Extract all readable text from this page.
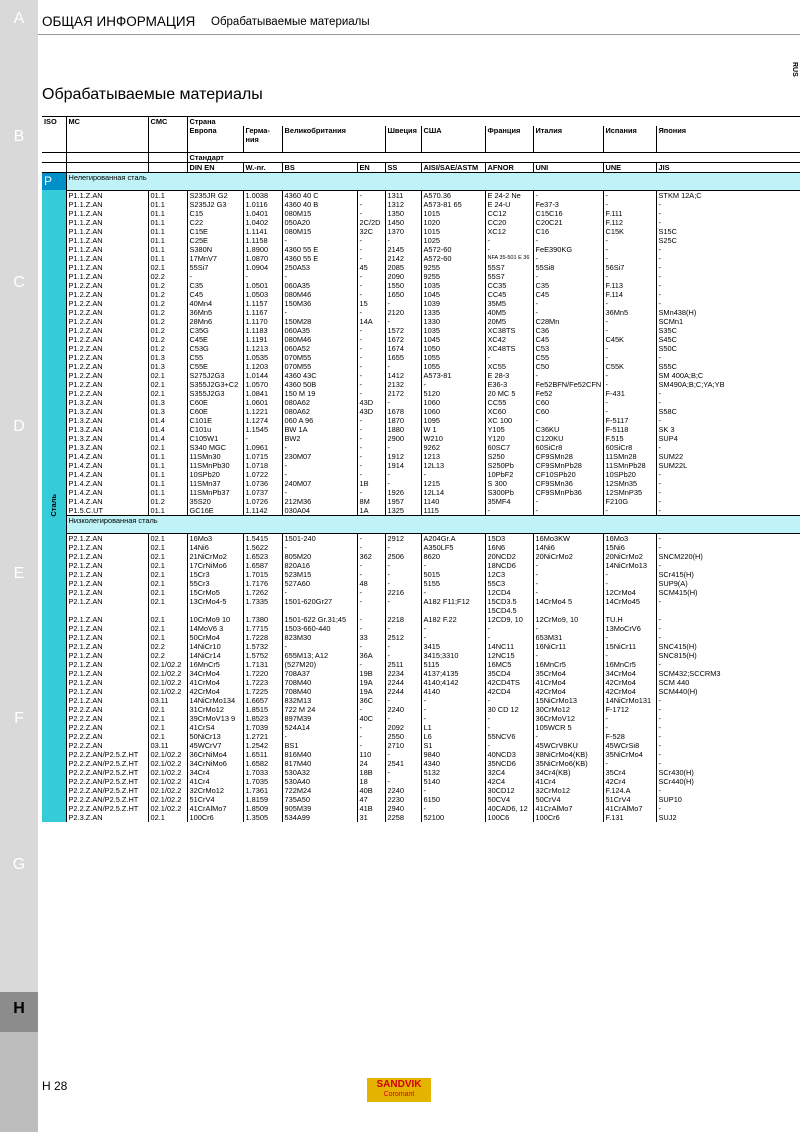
A
B
C
D
E
F
G
H
ОБЩАЯ ИНФОРМАЦИЯ Обрабатываемые материалы
RUS
Обрабатываемые материалы
ISO	MC	CMC	Страна									
			Европа	Герма- ния	Великобритания		Швеция	США	Франция	Италия	Испания	Япония
			Стандарт									
			DIN EN	W.-nr.	BS	EN	SS	AISI/SAE/ASTM	AFNOR	UNI	UNE	JIS
P	Нелегированная сталь											

Сталь	P1.1.Z.AN	01.1	S235JR G2	1.0038	4360 40 C	-	1311	A570.36	E 24-2 Ne	-	-	STKM 12A;C
	P1.1.Z.AN	01.1	S235J2 G3	1.0116	4360 40 B	-	1312	A573-81 65	E 24-U	Fe37-3	-	-
	P1.1.Z.AN	01.1	C15	1.0401	080M15	-	1350	1015	CC12	C15C16	F.111	-
	P1.1.Z.AN	01.1	C22	1.0402	050A20	2C/2D	1450	1020	CC20	C20C21	F.112	-
	P1.1.Z.AN	01.1	C15E	1.1141	080M15	32C	1370	1015	XC12	C16	C15K	S15C
	P1.1.Z.AN	01.1	C25E	1.1158	-	-	-	1025	-	-	-	S25C
	P1.1.Z.AN	01.1	S380N	1.8900	4360 55 E	-	2145	A572-60	-	FeE390KG	-	-
	P1.1.Z.AN	01.1	17MnV7	1.0870	4360 55 E	-	2142	A572-60	NFA 35-501 E 36	-	-	-
	P1.1.Z.AN	02.1	55Si7	1.0904	250A53	45	2085	9255	55S7	55Si8	56Si7	-
	P1.1.Z.AN	02.2	-	-	-	-	2090	9255	55S7	-	-	-
	P1.2.Z.AN	01.2	C35	1.0501	060A35	-	1550	1035	CC35	C35	F.113	-
	P1.2.Z.AN	01.2	C45	1.0503	080M46	-	1650	1045	CC45	C45	F.114	-
	P1.2.Z.AN	01.2	40Mn4	1.1157	150M36	15	-	1039	35M5	-	-	-
	P1.2.Z.AN	01.2	36Mn5	1.1167	-	-	2120	1335	40M5	-	36Mn5	SMn438(H)
	P1.2.Z.AN	01.2	28Mn6	1.1170	150M28	14A	-	1330	20M5	C28Mn	-	SCMn1
	P1.2.Z.AN	01.2	C35G	1.1183	060A35	-	1572	1035	XC38TS	C36	-	S35C
	P1.2.Z.AN	01.2	C45E	1.1191	080M46	-	1672	1045	XC42	C45	C45K	S45C
	P1.2.Z.AN	01.2	C53G	1.1213	060A52	-	1674	1050	XC48TS	C53	-	S50C
	P1.2.Z.AN	01.3	C55	1.0535	070M55	-	1655	1055	-	C55	-	-
	P1.2.Z.AN	01.3	C55E	1.1203	070M55	-	-	1055	XC55	C50	C55K	S55C
	P1.2.Z.AN	02.1	S275J2G3	1.0144	4360 43C	-	1412	A573-81	E 28-3	-	-	SM 400A;B;C
	P1.2.Z.AN	02.1	S355J2G3+C2	1.0570	4360 50B	-	2132	-	E36-3	Fe52BFN/Fe52CFN	-	SM490A;B;C;YA;YB
	P1.2.Z.AN	02.1	S355J2G3	1.0841	150 M 19	-	2172	5120	20 MC 5	Fe52	F-431	-
	P1.3.Z.AN	01.3	C60E	1.0601	080A62	43D	-	1060	CC55	C60	-	-
	P1.3.Z.AN	01.3	C60E	1.1221	080A62	43D	1678	1060	XC60	C60	-	S58C
	P1.3.Z.AN	01.4	C101E	1.1274	060 A 96	-	1870	1095	XC 100	-	F-5117	-
	P1.3.Z.AN	01.4	C101u	1.1545	BW 1A	-	1880	W 1	Y105	C36KU	F-5118	SK 3
	P1.3.Z.AN	01.4	C105W1	-	BW2	-	2900	W210	Y120	C120KU	F.515	SUP4
	P1.3.Z.AN	02.1	S340 MGC	1.0961	-	-	-	9262	60SC7	60SiCr8	60SiCr8	-
	P1.4.Z.AN	01.1	11SMn30	1.0715	230M07	-	1912	1213	S250	CF9SMn28	11SMn28	SUM22
	P1.4.Z.AN	01.1	11SMnPb30	1.0718	-	-	1914	12L13	S250Pb	CF9SMnPb28	11SMnPb28	SUM22L
	P1.4.Z.AN	01.1	10SPb20	1.0722	-	-	-	-	10PbF2	CF10SPb20	10SPb20	-
	P1.4.Z.AN	01.1	11SMn37	1.0736	240M07	1B	-	1215	S 300	CF9SMn36	12SMn35	-
	P1.4.Z.AN	01.1	11SMnPb37	1.0737	-	-	1926	12L14	S300Pb	CF9SMnPb36	12SMnP35	-
	P1.4.Z.AN	01.2	35S20	1.0726	212M36	8M	1957	1140	35MF4	-	F210G	-
	P1.5.C.UT	01.1	GC16E	1.1142	030A04	1A	1325	1115	-	-	-	-
	Низколегированная сталь											
	P2.1.Z.AN	02.1	16Mo3	1.5415	1501-240	-	2912	A204Gr.A	15D3	16Mo3KW	16Mo3	-
	P2.1.Z.AN	02.1	14Ni6	1.5622	-	-	-	A350LF5	16N6	14Ni6	15Ni6	-
	P2.1.Z.AN	02.1	21NiCrMo2	1.6523	805M20	362	2506	8620	20NCD2	20NiCrMo2	20NiCrMo2	SNCM220(H)
	P2.1.Z.AN	02.1	17CrNiMo6	1.6587	820A16	-	-	-	18NCD6	-	14NiCrMo13	-
	P2.1.Z.AN	02.1	15Cr3	1.7015	523M15	-	-	5015	12C3	-	-	SCr415(H)
	P2.1.Z.AN	02.1	55Cr3	1.7176	527A60	48	-	5155	55C3	-	-	SUP9(A)
	P2.1.Z.AN	02.1	15CrMo5	1.7262	-	-	2216	-	12CD4	-	12CrMo4	SCM415(H)
	P2.1.Z.AN	02.1	13CrMo4-5	1.7335	1501-620Gr27	-	-	A182 F11;F12	15CD3.5 15CD4.5	14CrMo4 5	14CrMo45	-
	P2.1.Z.AN	02.1	10CrMo9 10	1.7380	1501-622 Gr.31;45	-	2218	A182 F.22	12CD9, 10	12CrMo9, 10	TU.H	-
	P2.1.Z.AN	02.1	14MoV6 3	1.7715	1503-660-440	-	-	-	-	-	13MoCrV6	-
	P2.1.Z.AN	02.1	50CrMo4	1.7228	823M30	33	2512	-	-	653M31	-	-
	P2.1.Z.AN	02.2	14NiCr10	1.5732	-	-	-	3415	14NC11	16NiCr11	15NiCr11	SNC415(H)
	P2.1.Z.AN	02.2	14NiCr14	1.5752	655M13; A12	36A	-	3415;3310	12NC15	-	-	SNC815(H)
	P2.1.Z.AN	02.1/02.2	16MnCr5	1.7131	(527M20)	-	2511	5115	16MC5	16MnCr5	16MnCr5	-
	P2.1.Z.AN	02.1/02.2	34CrMo4	1.7220	708A37	19B	2234	4137;4135	35CD4	35CrMo4	34CrMo4	SCM432;SCCRM3
	P2.1.Z.AN	02.1/02.2	41CrMo4	1.7223	708M40	19A	2244	4140;4142	42CD4TS	41CrMo4	42CrMo4	SCM 440
	P2.1.Z.AN	02.1/02.2	42CrMo4	1.7225	708M40	19A	2244	4140	42CD4	42CrMo4	42CrMo4	SCM440(H)
	P2.1.Z.AN	03.11	14NiCrMo134	1.6657	832M13	36C	-	-	-	15NiCrMo13	14NiCrMo131	-
	P2.2.Z.AN	02.1	31CrMo12	1.8515	722 M 24	-	2240	-	30 CD 12	30CrMo12	F-1712	-
	P2.2.Z.AN	02.1	39CrMoV13 9	1.8523	897M39	40C	-	-	-	36CrMoV12	-	-
	P2.2.Z.AN	02.1	41CrS4	1.7039	524A14	-	2092	L1	-	105WCR 5	-	-
	P2.2.Z.AN	02.1	50NiCr13	1.2721	-	-	2550	L6	55NCV6	-	F-528	-
	P2.2.Z.AN	03.11	45WCrV7	1.2542	BS1	-	2710	S1	-	45WCrV8KU	45WCrSi8	-
	P2.2.Z.AN/P2.5.Z.HT	02.1/02.2	36CrNiMo4	1.6511	816M40	110	-	9840	40NCD3	38NiCrMo4(KB)	35NiCrMo4	-
	P2.2.Z.AN/P2.5.Z.HT	02.1/02.2	34CrNiMo6	1.6582	817M40	24	2541	4340	35NCD6	35NiCrMo6(KB)	-	-
	P2.2.Z.AN/P2.5.Z.HT	02.1/02.2	34Cr4	1.7033	530A32	18B	-	5132	32C4	34Cr4(KB)	35Cr4	SCr430(H)
	P2.2.Z.AN/P2.5.Z.HT	02.1/02.2	41Cr4	1.7035	530A40	18	-	5140	42C4	41Cr4	42Cr4	SCr440(H)
	P2.2.Z.AN/P2.5.Z.HT	02.1/02.2	32CrMo12	1.7361	722M24	40B	2240	-	30CD12	32CrMo12	F.124.A	-
	P2.2.Z.AN/P2.5.Z.HT	02.1/02.2	51CrV4	1.8159	735A50	47	2230	6150	50CV4	50CrV4	51CrV4	SUP10
	P2.2.Z.AN/P2.5.Z.HT	02.1/02.2	41CrAlMo7	1.8509	905M39	41B	2940	-	40CAD6, 12	41CrAlMo7	41CrAlMo7	-
	P2.3.Z.AN	02.1	100Cr6	1.3505	534A99	31	2258	52100	100C6	100Cr6	F.131	SUJ2
H 28	SANDVIK
Coromant
